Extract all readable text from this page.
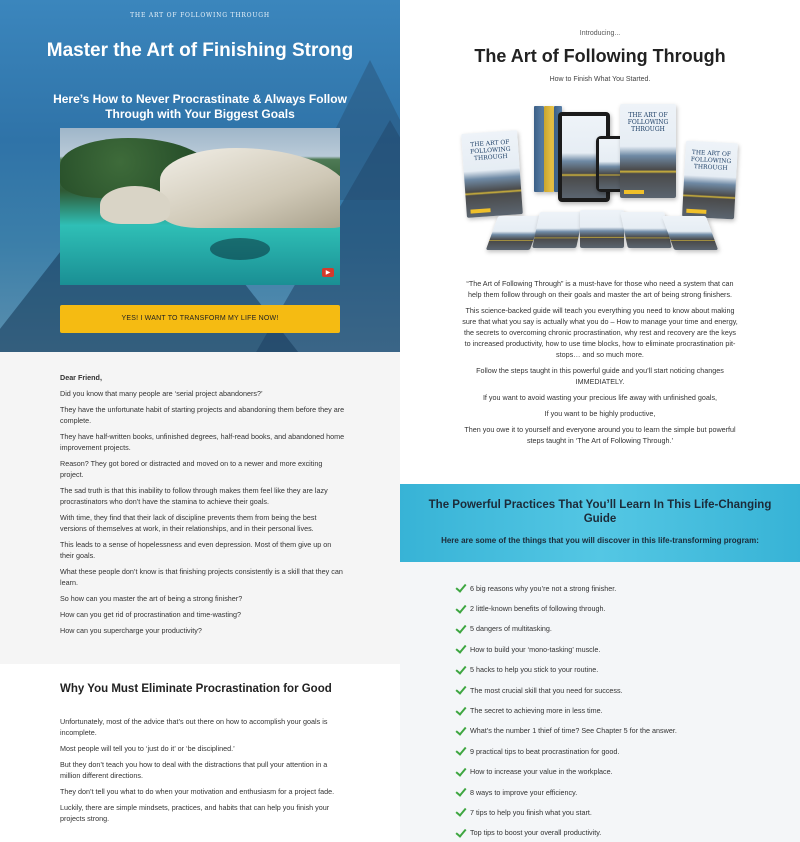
THE ART OF FOLLOWING THROUGH
Master the Art of Finishing Strong
Here’s How to Never Procrastinate & Always Follow Through with Your Biggest Goals
▶
YES! I WANT TO TRANSFORM MY LIFE NOW!

Dear Friend,

Did you know that many people are ‘serial project abandoners?’

They have the unfortunate habit of starting projects and abandoning them before they are complete.

They have half-written books, unfinished degrees, half-read books, and abandoned home improvement projects.

Reason? They got bored or distracted and moved on to a newer and more exciting project.

The sad truth is that this inability to follow through makes them feel like they are lazy procrastinators who don’t have the stamina to achieve their goals.

With time, they find that their lack of discipline prevents them from being the best versions of themselves at work, in their relationships, and in their personal lives.

This leads to a sense of hopelessness and even depression. Most of them give up on their goals.

What these people don’t know is that finishing projects consistently is a skill that they can learn.

So how can you master the art of being a strong finisher?

How can you get rid of procrastination and time-wasting?

How can you supercharge your productivity?

Why You Must Eliminate Procrastination for Good

Unfortunately, most of the advice that’s out there on how to accomplish your goals is incomplete.

Most people will tell you to ‘just do it’ or ‘be disciplined.’

But they don’t teach you how to deal with the distractions that pull your attention in a million different directions.

They don’t tell you what to do when your motivation and enthusiasm for a project fade.

Luckily, there are simple mindsets, practices, and habits that can help you finish your projects strong.

Introducing...
The Art of Following Through
How to Finish What You Started.
THE ART OF FOLLOWING THROUGH
THE ART OF FOLLOWING THROUGH
THE ART OF FOLLOWING THROUGH

“The Art of Following Through” is a must-have for those who need a system that can help them follow through on their goals and master the art of being strong finishers.

This science-backed guide will teach you everything you need to know about making sure that what you say is actually what you do – How to manage your time and energy, the secrets to overcoming chronic procrastination, why rest and recovery are the keys to increased productivity, how to use time blocks, how to eliminate procrastination pit-stops… and so much more.

Follow the steps taught in this powerful guide and you’ll start noticing changes IMMEDIATELY.

If you want to avoid wasting your precious life away with unfinished goals,

If you want to be highly productive,

Then you owe it to yourself and everyone around you to learn the simple but powerful steps taught in ‘The Art of Following Through.’

The Powerful Practices That You’ll Learn In This Life-Changing Guide
Here are some of the things that you will discover in this life-transforming program:
6 big reasons why you’re not a strong finisher.
2 little-known benefits of following through.
5 dangers of multitasking.
How to build your ‘mono-tasking’ muscle.
5 hacks to help you stick to your routine.
The most crucial skill that you need for success.
The secret to achieving more in less time.
What’s the number 1 thief of time? See Chapter 5 for the answer.
9 practical tips to beat procrastination for good.
How to increase your value in the workplace.
8 ways to improve your efficiency.
7 tips to help you finish what you start.
Top tips to boost your overall productivity.
